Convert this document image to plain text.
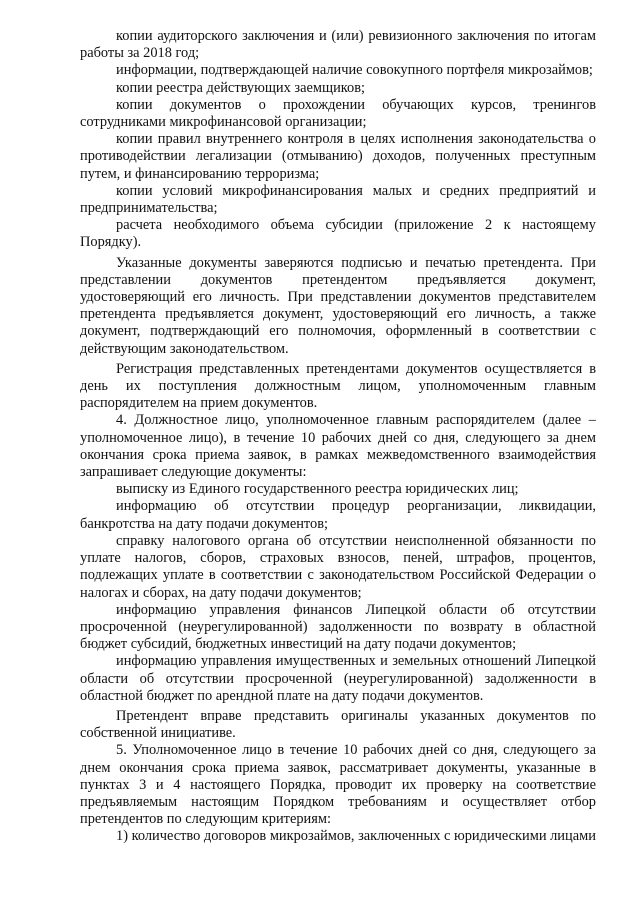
копии аудиторского заключения и (или) ревизионного заключения по итогам работы за 2018 год;

информации, подтверждающей наличие совокупного портфеля микрозаймов;

копии реестра действующих заемщиков;

копии документов о прохождении обучающих курсов, тренингов сотрудниками микрофинансовой организации;

копии правил внутреннего контроля в целях исполнения законодательства о противодействии легализации (отмыванию) доходов, полученных преступным путем, и финансированию терроризма;

копии условий микрофинансирования малых и средних предприятий и предпринимательства;

расчета необходимого объема субсидии (приложение 2 к настоящему Порядку).

Указанные документы заверяются подписью и печатью претендента. При представлении документов претендентом предъявляется документ, удостоверяющий его личность. При представлении документов представителем претендента предъявляется документ, удостоверяющий его личность, а также документ, подтверждающий его полномочия, оформленный в соответствии с действующим законодательством.

Регистрация представленных претендентами документов осуществляется в день их поступления должностным лицом, уполномоченным главным распорядителем на прием документов.

4. Должностное лицо, уполномоченное главным распорядителем (далее – уполномоченное лицо), в течение 10 рабочих дней со дня, следующего за днем окончания срока приема заявок, в рамках межведомственного взаимодействия запрашивает следующие документы:

выписку из Единого государственного реестра юридических лиц;

информацию об отсутствии процедур реорганизации, ликвидации, банкротства на дату подачи документов;

справку налогового органа об отсутствии неисполненной обязанности по уплате налогов, сборов, страховых взносов, пеней, штрафов, процентов, подлежащих уплате в соответствии с законодательством Российской Федерации о налогах и сборах, на дату подачи документов;

информацию управления финансов Липецкой области об отсутствии просроченной (неурегулированной) задолженности по возврату в областной бюджет субсидий, бюджетных инвестиций на дату подачи документов;

информацию управления имущественных и земельных отношений Липецкой области об отсутствии просроченной (неурегулированной) задолженности в областной бюджет по арендной плате на дату подачи документов.

Претендент вправе представить оригиналы указанных документов по собственной инициативе.

5. Уполномоченное лицо в течение 10 рабочих дней со дня, следующего за днем окончания срока приема заявок, рассматривает документы, указанные в пунктах 3 и 4 настоящего Порядка, проводит их проверку на соответствие предъявляемым настоящим Порядком требованиям и осуществляет отбор претендентов по следующим критериям:

1) количество договоров микрозаймов, заключенных с юридическими лицами
